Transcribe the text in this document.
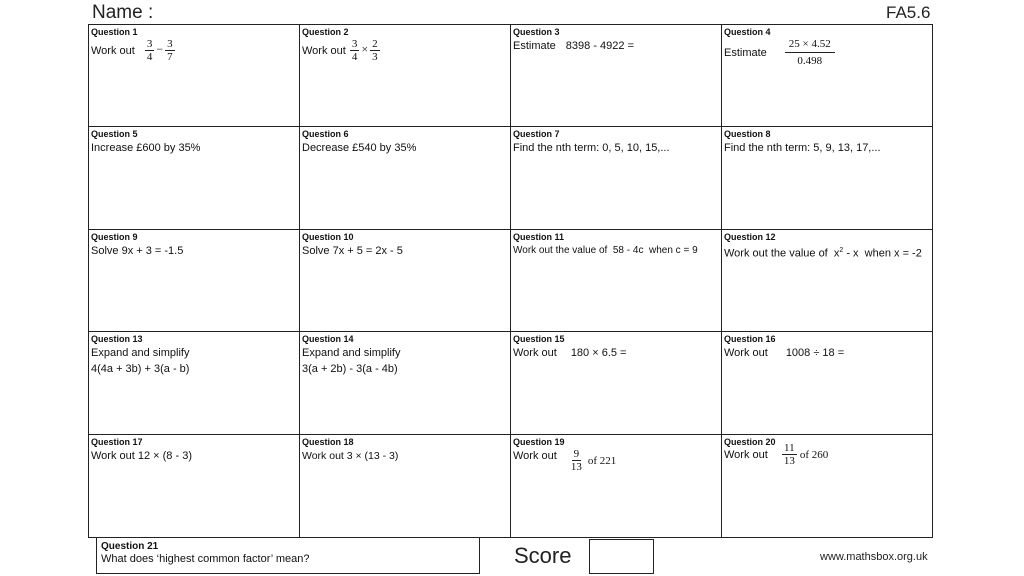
Name :	FA5.6
Question 1
Work out $\frac{3}{4} - \frac{3}{7}$
Question 2
Work out $\frac{3}{4} \times \frac{2}{3}$
Question 3
Estimate 8398 - 4922 =
Question 4
Estimate $\frac{25 \times 4.52}{0.498}$
Question 5
Increase £600 by 35%
Question 6
Decrease £540 by 35%
Question 7
Find the nth term: 0, 5, 10, 15,...
Question 8
Find the nth term: 5, 9, 13, 17,...
Question 9
Solve 9x + 3 = -1.5
Question 10
Solve 7x + 5 = 2x - 5
Question 11
Work out the value of  58 - 4c  when c = 9
Question 12
Work out the value of  $x^2$ - x  when x = -2
Question 13
Expand and simplify
4(4a + 3b) + 3(a - b)
Question 14
Expand and simplify
3(a + 2b) - 3(a - 4b)
Question 15
Work out 180 × 6.5 =
Question 16
Work out 1008 ÷ 18 =
Question 17
Work out 12 × (8 - 3)
Question 18
Work out 3 × (13 - 3)
Question 19
Work out $\frac{9}{13}$ of 221
Question 20
Work out $\frac{11}{13}$ of 260
Question 21
What does ‘highest common factor’ mean?	Score	www.mathsbox.org.uk
